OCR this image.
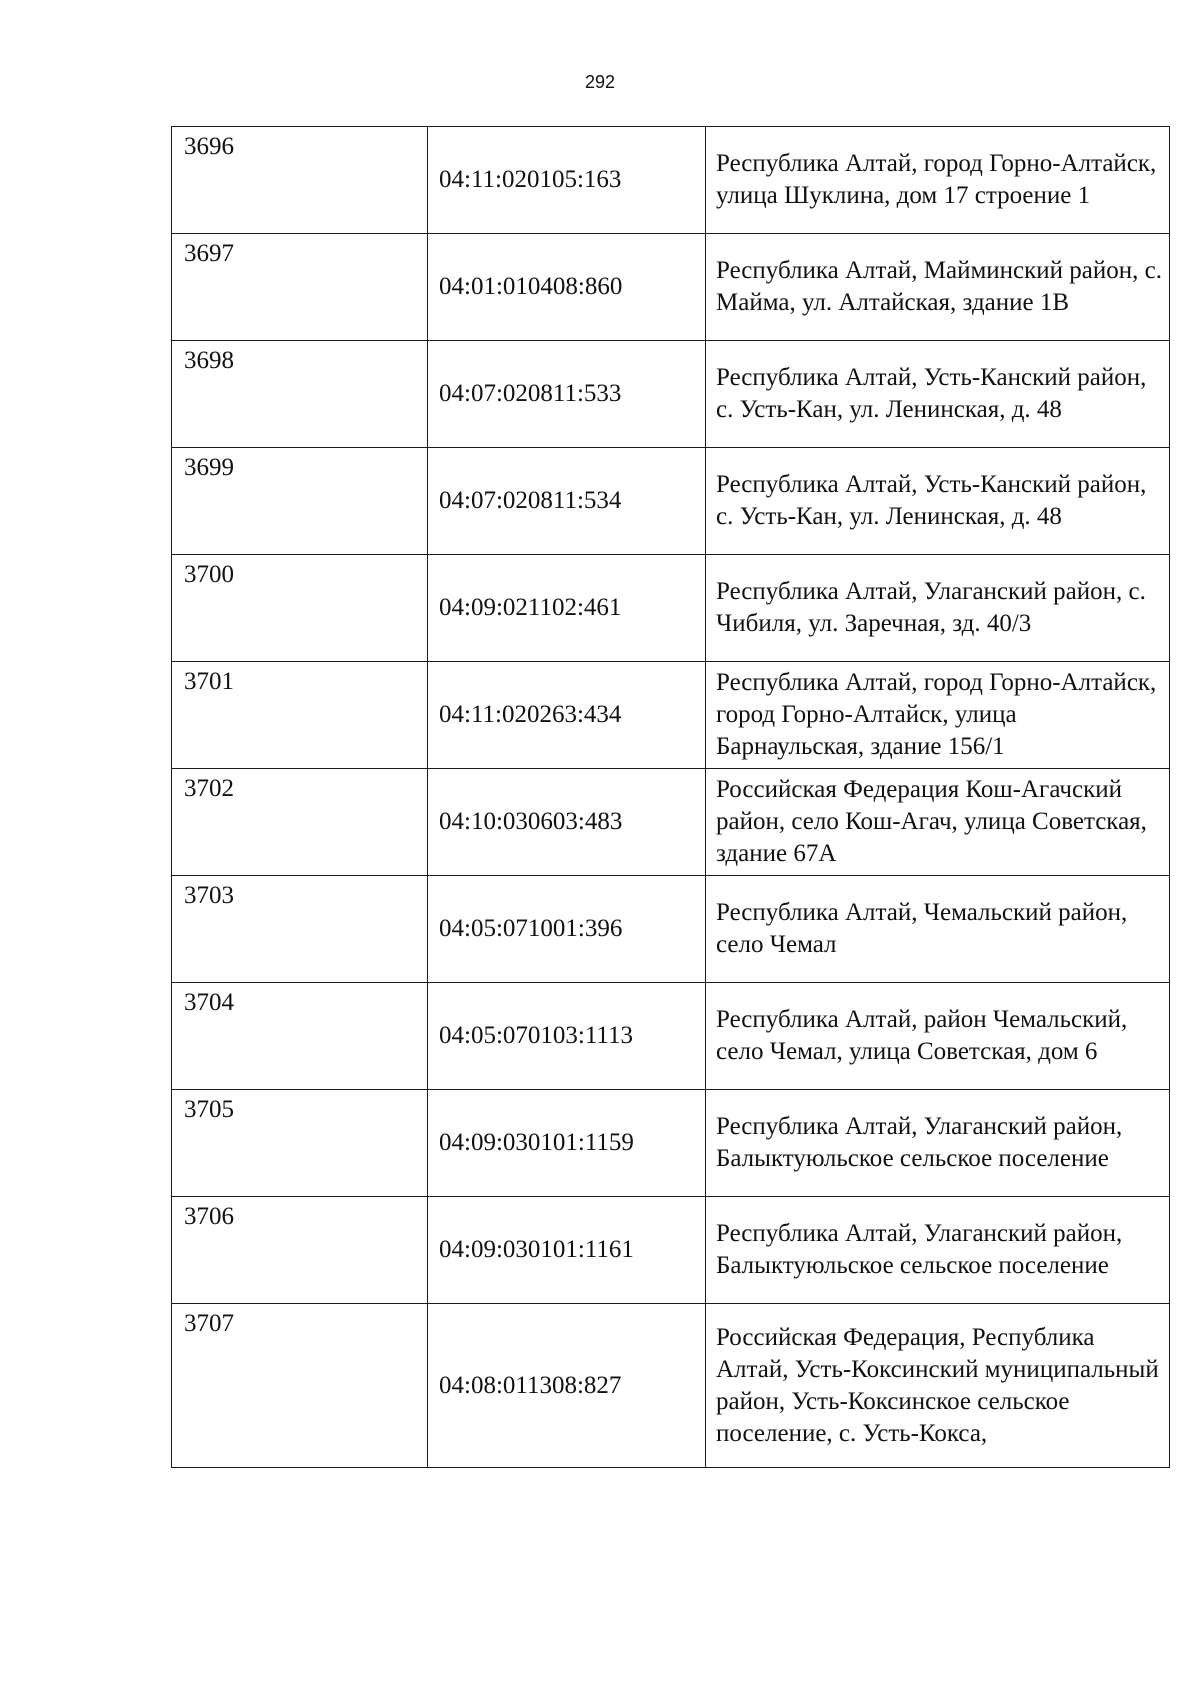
292
3696	04:11:020105:163	Республика Алтай, город Горно-Алтайск, улица Шуклина, дом 17 строение 1
3697	04:01:010408:860	Республика Алтай, Майминский район, с. Майма, ул. Алтайская, здание 1В
3698	04:07:020811:533	Республика Алтай, Усть-Канский район, с. Усть-Кан, ул. Ленинская, д. 48
3699	04:07:020811:534	Республика Алтай, Усть-Канский район, с. Усть-Кан, ул. Ленинская, д. 48
3700	04:09:021102:461	Республика Алтай, Улаганский район, с. Чибиля, ул. Заречная, зд. 40/3
3701	04:11:020263:434	Республика Алтай, город Горно-Алтайск, город Горно-Алтайск, улица Барнаульская, здание 156/1
3702	04:10:030603:483	Российская Федерация Кош-Агачский район, село Кош-Агач, улица Советская, здание 67А
3703	04:05:071001:396	Республика Алтай, Чемальский район, село Чемал
3704	04:05:070103:1113	Республика Алтай, район Чемальский, село Чемал, улица Советская, дом 6
3705	04:09:030101:1159	Республика Алтай, Улаганский район, Балыктуюльское сельское поселение
3706	04:09:030101:1161	Республика Алтай, Улаганский район, Балыктуюльское сельское поселение
3707	04:08:011308:827	Российская Федерация, Республика Алтай, Усть-Коксинский муниципальный район, Усть-Коксинское сельское поселение, с. Усть-Кокса,
